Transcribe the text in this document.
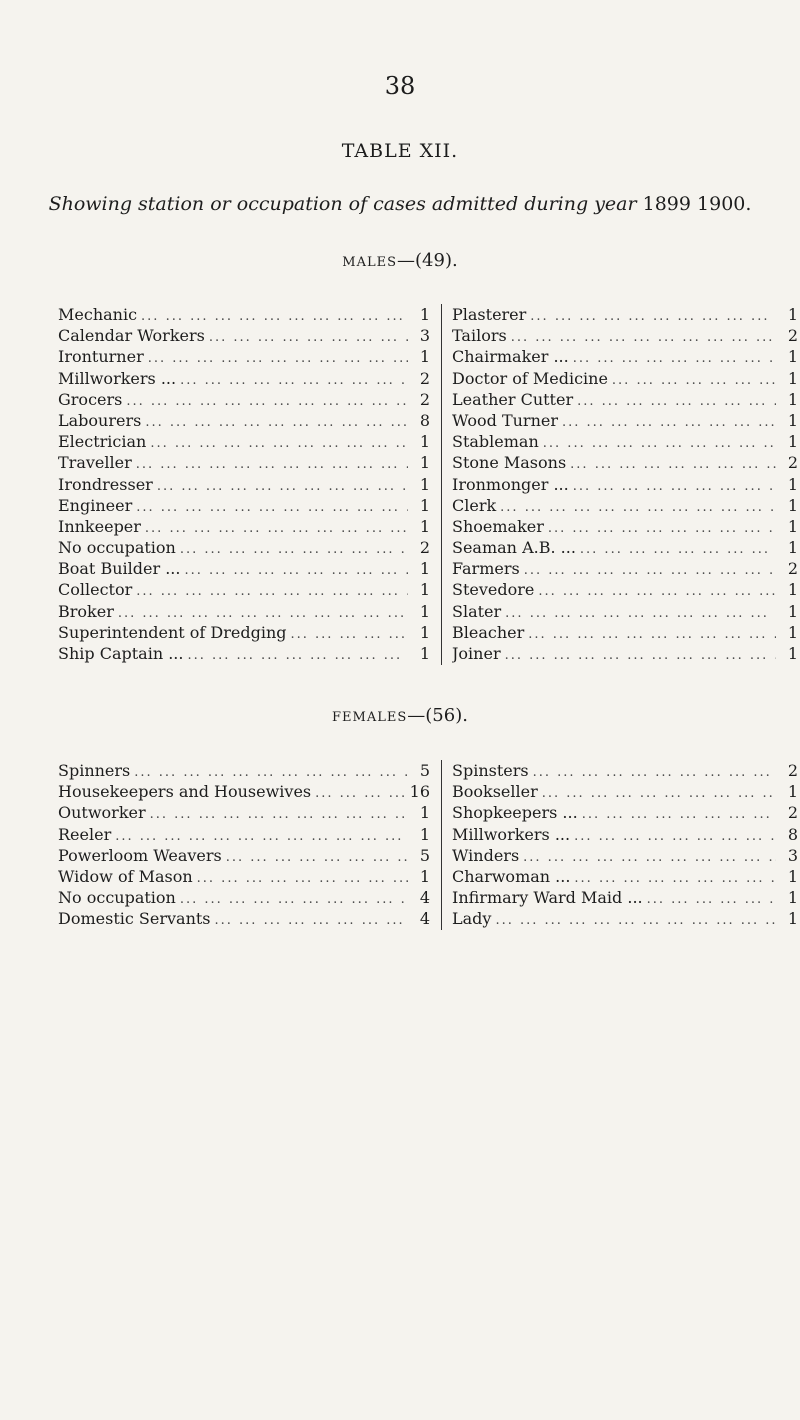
38
TABLE XII.
Showing station or occupation of cases admitted during year 1899 1900.
MALES—(49).
Mechanic ...	1
Calendar Workers ...	3
Ironturner ...	1
Millworkers ... ...	2
Grocers ...	2
Labourers ...	8
Electrician ...	1
Traveller ...	1
Irondresser ...	1
Engineer ...	1
Innkeeper ...	1
No occupation ...	2
Boat Builder ... ...	1
Collector ...	1
Broker ...	1
Superintendent of Dredging ...	1
Ship Captain ... ...	1
Plasterer ...	1
Tailors ...	2
Chairmaker ... ...	1
Doctor of Medicine ...	1
Leather Cutter ...	1
Wood Turner ...	1
Stableman ...	1
Stone Masons ...	2
Ironmonger ... ...	1
Clerk ...	1
Shoemaker ...	1
Seaman A.B. ... ...	1
Farmers ...	2
Stevedore ...	1
Slater ...	1
Bleacher ...	1
Joiner ...	1
FEMALES—(56).
Spinners ...	5
Housekeepers and Housewives ...	16
Outworker ...	1
Reeler ...	1
Powerloom Weavers ...	5
Widow of Mason ...	1
No occupation ...	4
Domestic Servants ...	4
Spinsters ...	2
Bookseller ...	1
Shopkeepers ... ...	2
Millworkers ... ...	8
Winders ...	3
Charwoman ... ...	1
Infirmary Ward Maid ... ...	1
Lady ...	1
